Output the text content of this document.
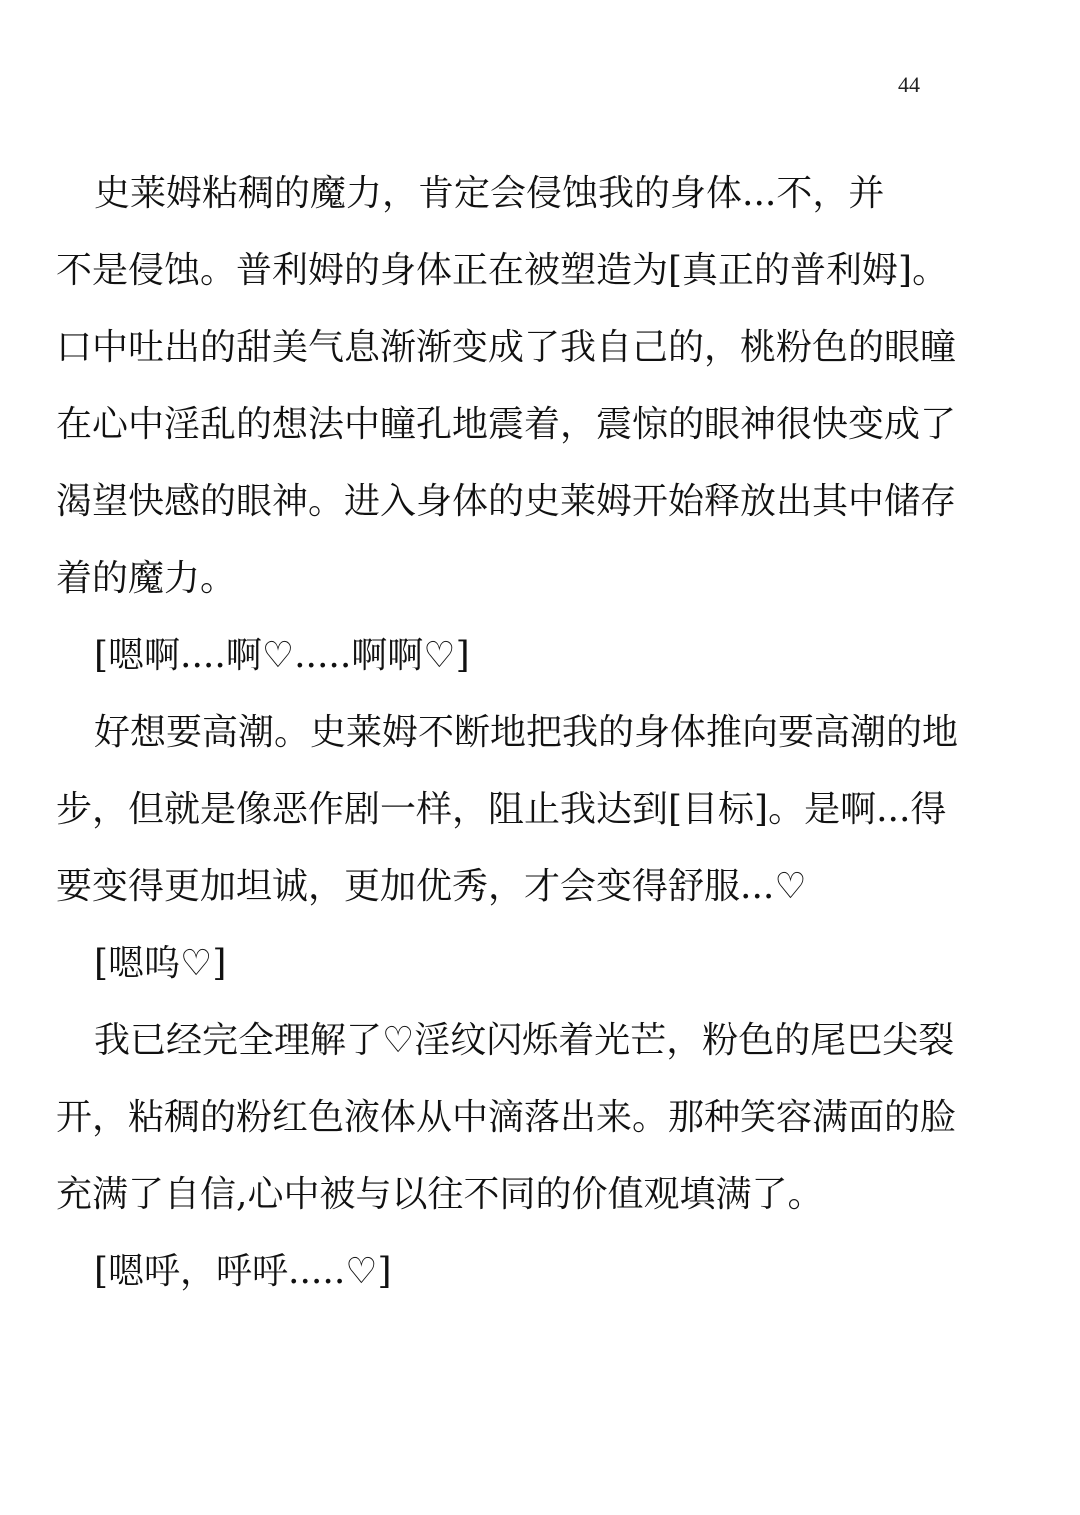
44
史莱姆粘稠的魔力，肯定会侵蚀我的身体...不，并
不是侵蚀。普利姆的身体正在被塑造为[真正的普利姆]。
口中吐出的甜美气息渐渐变成了我自己的，桃粉色的眼瞳
在心中淫乱的想法中瞳孔地震着，震惊的眼神很快变成了
渴望快感的眼神。进入身体的史莱姆开始释放出其中储存
着的魔力。
[嗯啊....啊♡.....啊啊♡]
好想要高潮。史莱姆不断地把我的身体推向要高潮的地
步，但就是像恶作剧一样，阻止我达到[目标]。是啊...得
要变得更加坦诚，更加优秀，才会变得舒服...♡
[嗯呜♡]
我已经完全理解了♡淫纹闪烁着光芒，粉色的尾巴尖裂
开，粘稠的粉红色液体从中滴落出来。那种笑容满面的脸
充满了自信,心中被与以往不同的价值观填满了。
[嗯呼，呼呼.....♡]
